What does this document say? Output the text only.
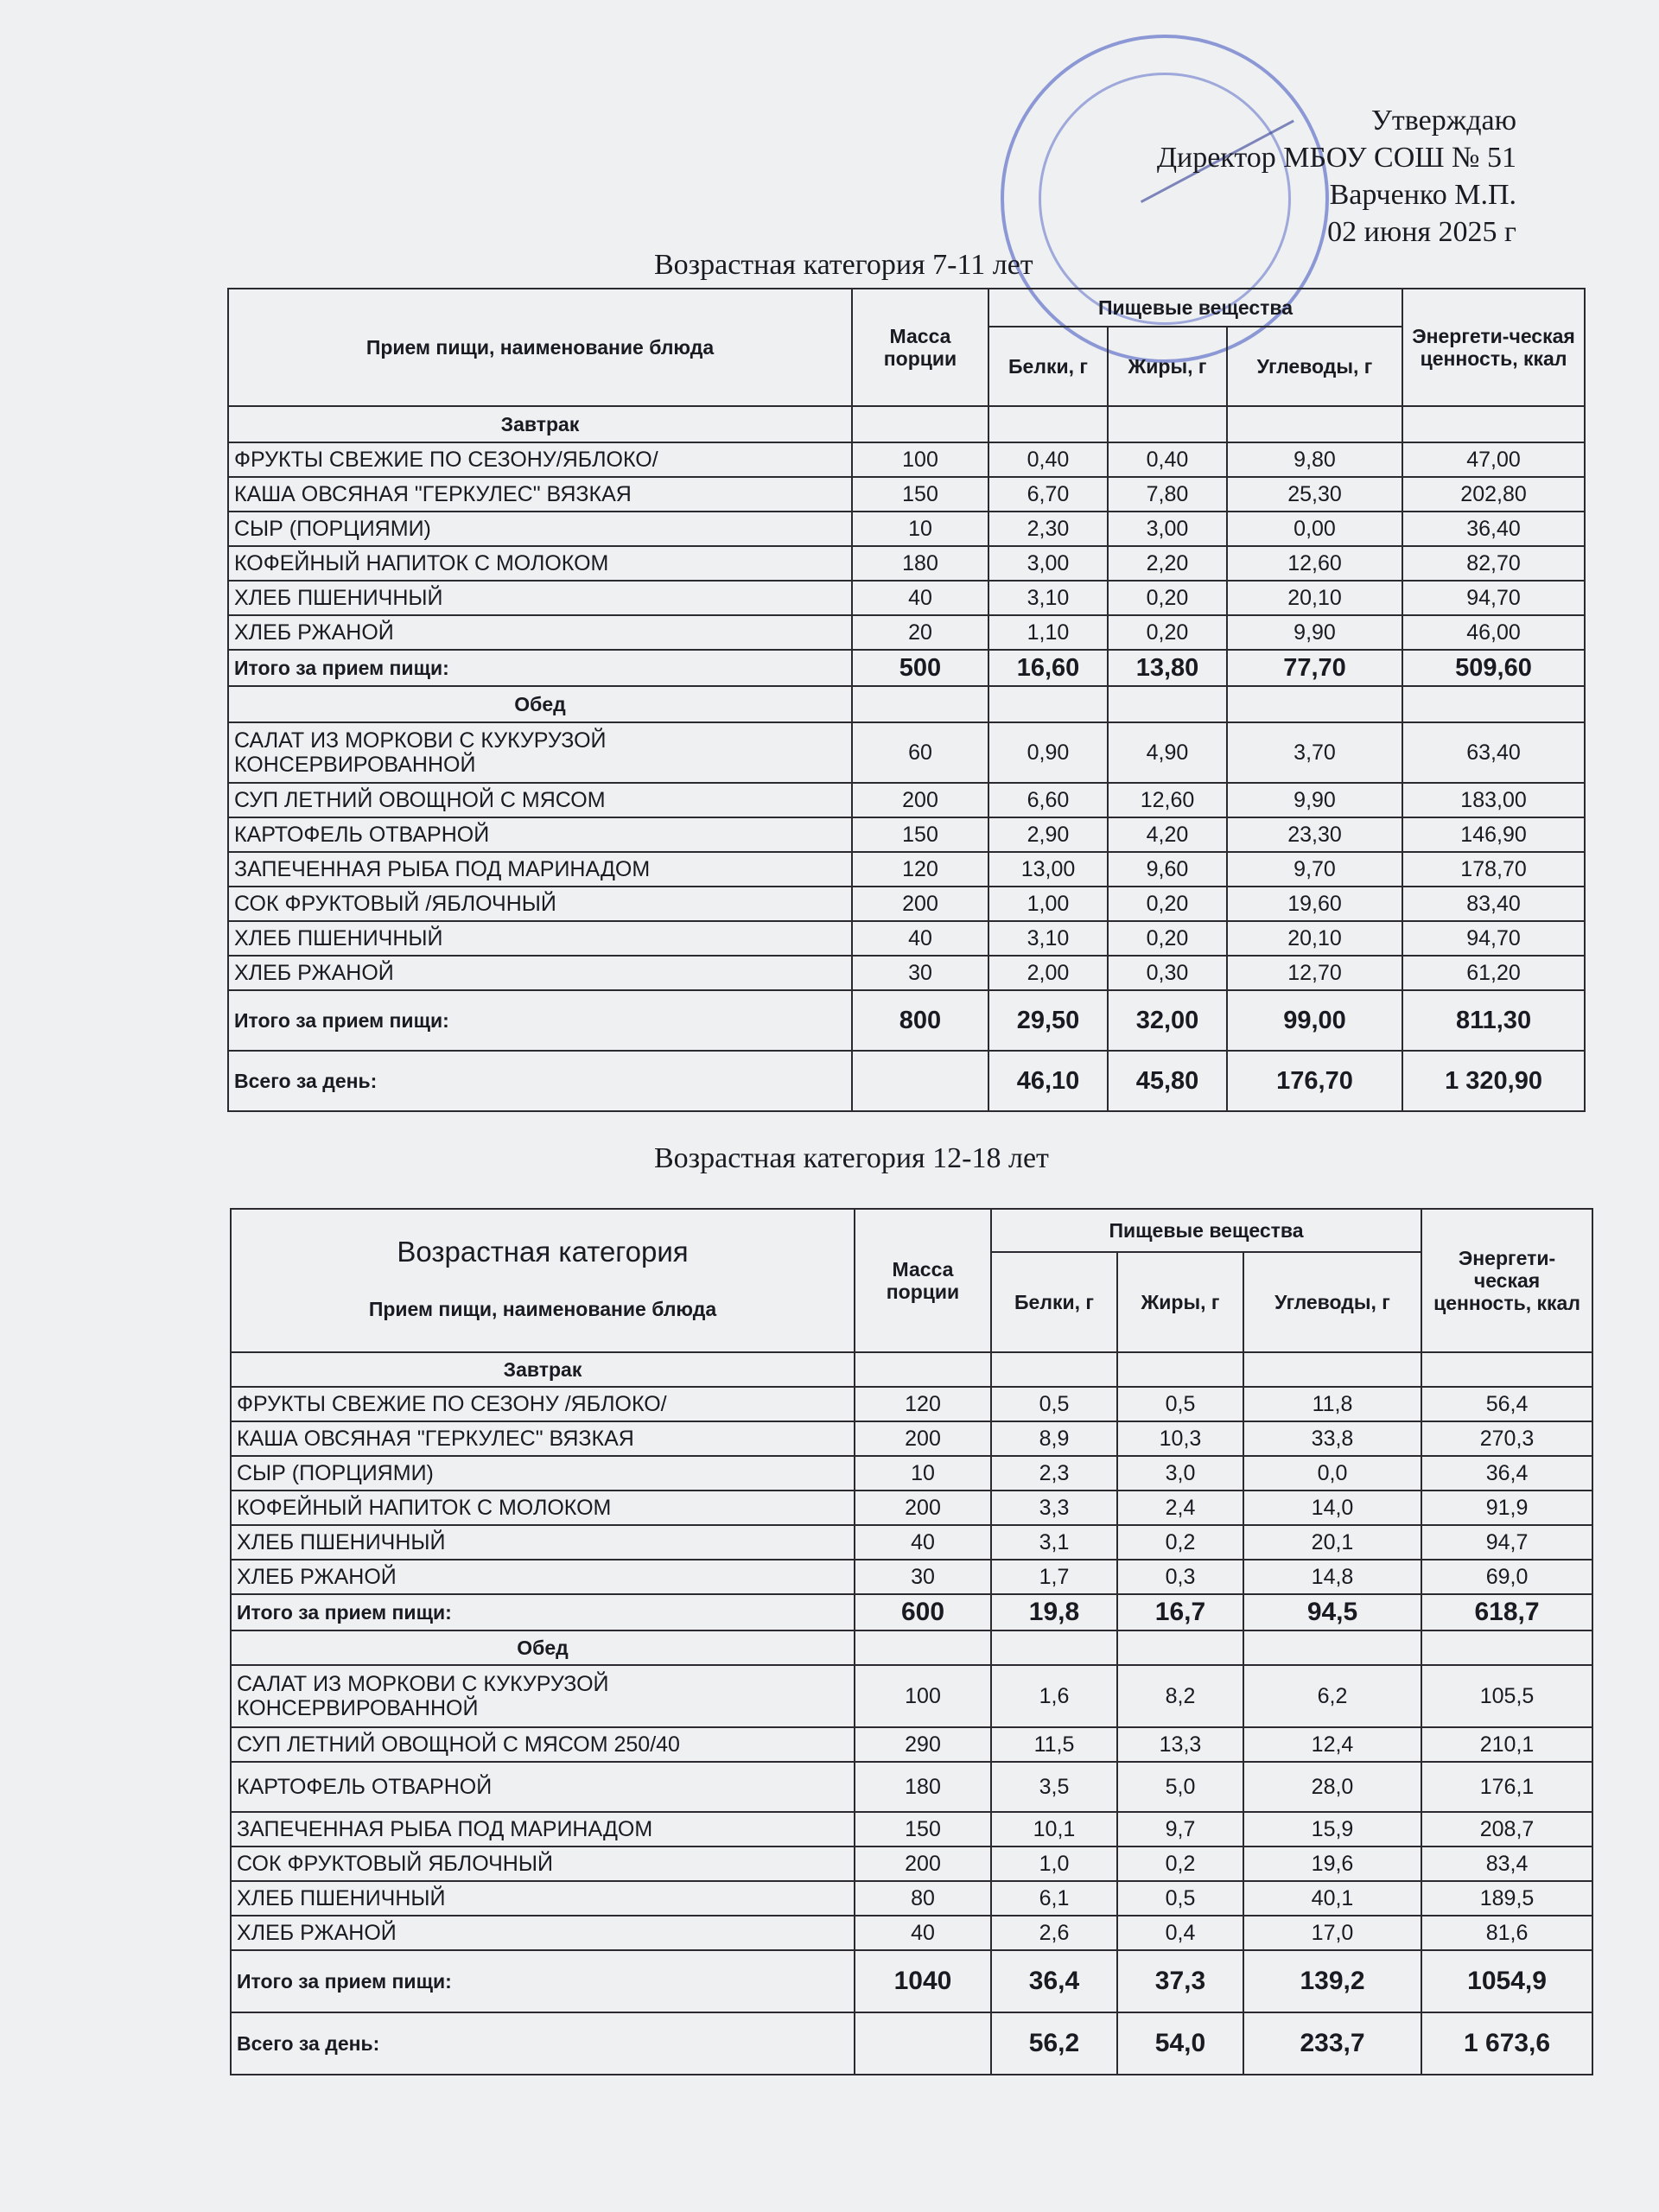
Утверждаю
Директор МБОУ СОШ № 51
Варченко М.П.
02 июня 2025 г
Возрастная категория 7-11 лет
Прием пищи, наименование блюда	Масса порции	Пищевые вещества			Энергети-ческая ценность, ккал
		Белки, г	Жиры, г	Углеводы, г	
Завтрак					
ФРУКТЫ СВЕЖИЕ ПО СЕЗОНУ/ЯБЛОКО/	100	0,40	0,40	9,80	47,00
КАША ОВСЯНАЯ "ГЕРКУЛЕС" ВЯЗКАЯ	150	6,70	7,80	25,30	202,80
СЫР (ПОРЦИЯМИ)	10	2,30	3,00	0,00	36,40
КОФЕЙНЫЙ НАПИТОК С МОЛОКОМ	180	3,00	2,20	12,60	82,70
ХЛЕБ ПШЕНИЧНЫЙ	40	3,10	0,20	20,10	94,70
ХЛЕБ РЖАНОЙ	20	1,10	0,20	9,90	46,00
Итого за прием пищи:	500	16,60	13,80	77,70	509,60
Обед					
САЛАТ ИЗ МОРКОВИ С КУКУРУЗОЙ КОНСЕРВИРОВАННОЙ	60	0,90	4,90	3,70	63,40
СУП ЛЕТНИЙ ОВОЩНОЙ С МЯСОМ	200	6,60	12,60	9,90	183,00
КАРТОФЕЛЬ ОТВАРНОЙ	150	2,90	4,20	23,30	146,90
ЗАПЕЧЕННАЯ РЫБА ПОД МАРИНАДОМ	120	13,00	9,60	9,70	178,70
СОК ФРУКТОВЫЙ /ЯБЛОЧНЫЙ	200	1,00	0,20	19,60	83,40
ХЛЕБ ПШЕНИЧНЫЙ	40	3,10	0,20	20,10	94,70
ХЛЕБ РЖАНОЙ	30	2,00	0,30	12,70	61,20
Итого за прием пищи:	800	29,50	32,00	99,00	811,30
Всего за день:		46,10	45,80	176,70	1 320,90
Возрастная категория 12-18 лет
Возрастная категория
Прием пищи, наименование блюда	Масса порции	Пищевые вещества			Энергети-ческая ценность, ккал
		Белки, г	Жиры, г	Углеводы, г	
Завтрак					
ФРУКТЫ СВЕЖИЕ ПО СЕЗОНУ /ЯБЛОКО/	120	0,5	0,5	11,8	56,4
КАША ОВСЯНАЯ "ГЕРКУЛЕС" ВЯЗКАЯ	200	8,9	10,3	33,8	270,3
СЫР (ПОРЦИЯМИ)	10	2,3	3,0	0,0	36,4
КОФЕЙНЫЙ НАПИТОК С МОЛОКОМ	200	3,3	2,4	14,0	91,9
ХЛЕБ ПШЕНИЧНЫЙ	40	3,1	0,2	20,1	94,7
ХЛЕБ РЖАНОЙ	30	1,7	0,3	14,8	69,0
Итого за прием пищи:	600	19,8	16,7	94,5	618,7
Обед					
САЛАТ ИЗ МОРКОВИ С КУКУРУЗОЙ КОНСЕРВИРОВАННОЙ	100	1,6	8,2	6,2	105,5
СУП ЛЕТНИЙ ОВОЩНОЙ С МЯСОМ 250/40	290	11,5	13,3	12,4	210,1
КАРТОФЕЛЬ ОТВАРНОЙ	180	3,5	5,0	28,0	176,1
ЗАПЕЧЕННАЯ РЫБА ПОД МАРИНАДОМ	150	10,1	9,7	15,9	208,7
СОК ФРУКТОВЫЙ ЯБЛОЧНЫЙ	200	1,0	0,2	19,6	83,4
ХЛЕБ ПШЕНИЧНЫЙ	80	6,1	0,5	40,1	189,5
ХЛЕБ РЖАНОЙ	40	2,6	0,4	17,0	81,6
Итого за прием пищи:	1040	36,4	37,3	139,2	1054,9
Всего за день:		56,2	54,0	233,7	1 673,6
